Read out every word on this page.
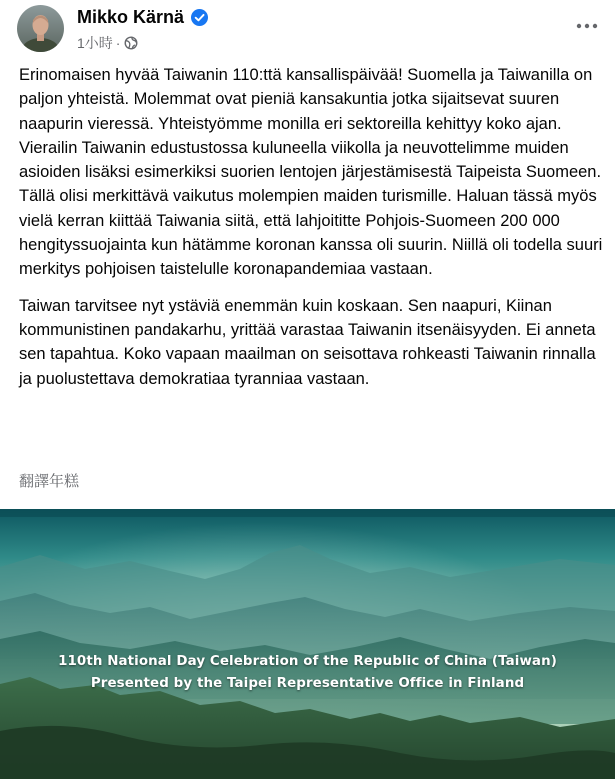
Mikko Kärnä
1小時 ·

Erinomaisen hyvää Taiwanin 110:ttä kansallispäivää! Suomella ja Taiwanilla on paljon yhteistä. Molemmat ovat pieniä kansakuntia jotka sijaitsevat suuren naapurin vieressä. Yhteistyömme monilla eri sektoreilla kehittyy koko ajan. Vierailin Taiwanin edustustossa kuluneella viikolla ja neuvottelimme muiden asioiden lisäksi esimerkiksi suorien lentojen järjestämisestä Taipeista Suomeen. Tällä olisi merkittävä vaikutus molempien maiden turismille. Haluan tässä myös vielä kerran kiittää Taiwania siitä, että lahjoititte Pohjois-Suomeen 200 000 hengityssuojainta kun hätämme koronan kanssa oli suurin. Niillä oli todella suuri merkitys pohjoisen taistelulle koronapandemiaa vastaan.

Taiwan tarvitsee nyt ystäviä enemmän kuin koskaan. Sen naapuri, Kiinan kommunistinen pandakarhu, yrittää varastaa Taiwanin itsenäisyyden. Ei anneta sen tapahtua. Koko vapaan maailman on seisottava rohkeasti Taiwanin rinnalla ja puolustettava demokratiaa tyranniaa vastaan.

翻譯年糕
110th National Day Celebration of the Republic of China (Taiwan)
Presented by the Taipei Representative Office in Finland
